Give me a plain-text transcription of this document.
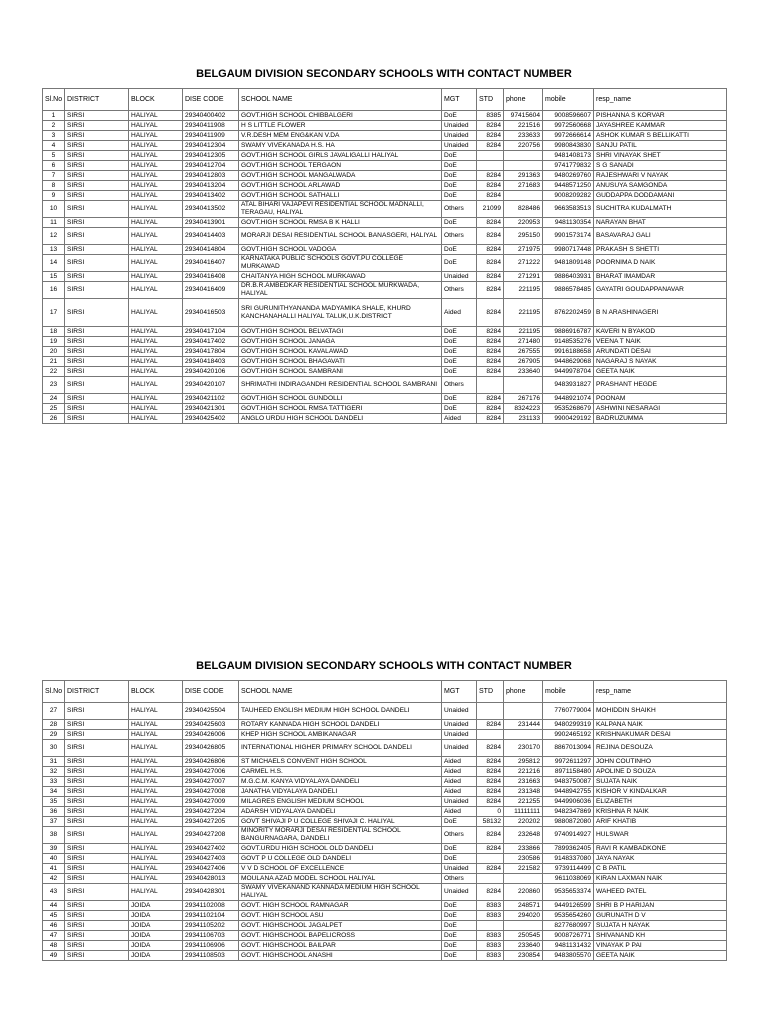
BELGAUM DIVISION SECONDARY SCHOOLS WITH CONTACT NUMBER
Sl.No	DISTRICT	BLOCK	DISE CODE	SCHOOL NAME	MGT	STD	phone	mobile	resp_name
1	SIRSI	HALIYAL	29340400402	GOVT.HIGH SCHOOL CHIBBALGERI	DoE	8385	97415604	9008596607	PISHANNA S KORVAR
2	SIRSI	HALIYAL	29340411908	H S LITTLE FLOWER	Unaided	8284	221516	9972560668	JAYASHREE KAMMAR
3	SIRSI	HALIYAL	29340411909	V.R.DESH MEM ENG&KAN V.DA	Unaided	8284	233633	9972666614	ASHOK KUMAR S BELLIKATTI
4	SIRSI	HALIYAL	29340412304	SWAMY VIVEKANADA H.S. HA	Unaided	8284	220756	9980843830	SANJU PATIL
5	SIRSI	HALIYAL	29340412305	GOVT.HIGH SCHOOL GIRLS JAVALIGALLI HALIYAL	DoE			9481408173	SHRI VINAYAK SHET
6	SIRSI	HALIYAL	29340412704	GOVT.HIGH SCHOOL TERGAON	DoE			9741779832	S G SANADI
7	SIRSI	HALIYAL	29340412803	GOVT.HIGH SCHOOL MANGALWADA	DoE	8284	291363	9480269760	RAJESHWARI V NAYAK
8	SIRSI	HALIYAL	29340413204	GOVT.HIGH SCHOOL ARLAWAD	DoE	8284	271683	9448571250	ANUSUYA SAMGONDA
9	SIRSI	HALIYAL	29340413402	GOVT.HIGH SCHOOL SATHALLI	DoE	8284		9008209282	GUDDAPPA DODDAMANI
10	SIRSI	HALIYAL	29340413502	ATAL BIHARI VAJAPEVI RESIDENTIAL SCHOOL MADNALLI, TERAGAU, HALIYAL	Others	21099	828486	9663583513	SUCHITRA KUDALMATH
11	SIRSI	HALIYAL	29340413901	GOVT.HIGH SCHOOL RMSA B K HALLI	DoE	8284	220953	9481130354	NARAYAN BHAT
12	SIRSI	HALIYAL	29340414403	MORARJI DESAI RESIDENTIAL SCHOOL BANASGERI, HALIYAL	Others	8284	295150	9901573174	BASAVARAJ GALI
13	SIRSI	HALIYAL	29340414804	GOVT.HIGH SCHOOL VADOGA	DoE	8284	271975	9980717448	PRAKASH S SHETTI
14	SIRSI	HALIYAL	29340416407	KARNATAKA PUBLIC SCHOOLS GOVT.PU COLLEGE MURKAWAD	DoE	8284	271222	9481809148	POORNIMA D NAIK
15	SIRSI	HALIYAL	29340416408	CHAITANYA HIGH SCHOOL MURKAWAD	Unaided	8284	271291	9886403931	BHARAT IMAMDAR
16	SIRSI	HALIYAL	29340416409	DR.B.R.AMBEDKAR RESIDENTIAL SCHOOL MURKWADA, HALIYAL	Others	8284	221195	9886578485	GAYATRI GOUDAPPANAVAR
17	SIRSI	HALIYAL	29340416503	SRI GURUNITHYANANDA MADYAMIKA SHALE, KHURD KANCHANAHALLI HALIYAL TALUK,U.K.DISTRICT	Aided	8284	221195	8762202459	B N ARASHINAGERI
18	SIRSI	HALIYAL	29340417104	GOVT.HIGH SCHOOL BELVATAGI	DoE	8284	221195	9886916787	KAVERI N BYAKOD
19	SIRSI	HALIYAL	29340417402	GOVT.HIGH SCHOOL JANAGA	DoE	8284	271480	9148535276	VEENA T NAIK
20	SIRSI	HALIYAL	29340417804	GOVT.HIGH SCHOOL KAVALAWAD	DoE	8284	267555	9916188658	ARUNDATI DESAI
21	SIRSI	HALIYAL	29340418403	GOVT.HIGH SCHOOL BHAGAVATI	DoE	8284	267905	9448629068	NAGARAJ S NAYAK
22	SIRSI	HALIYAL	29340420106	GOVT.HIGH SCHOOL SAMBRANI	DoE	8284	233640	9449978704	GEETA NAIK
23	SIRSI	HALIYAL	29340420107	SHRIMATHI INDIRAGANDHI RESIDENTIAL SCHOOL SAMBRANI	Others			9483931827	PRASHANT HEGDE
24	SIRSI	HALIYAL	29340421102	GOVT.HIGH SCHOOL GUNDOLLI	DoE	8284	267176	9448921074	POONAM
25	SIRSI	HALIYAL	29340421301	GOVT.HIGH SCHOOL RMSA TATTIGERI	DoE	8284	8324223	9535268679	ASHWINI NESARAGI
26	SIRSI	HALIYAL	29340425402	ANGLO URDU HIGH SCHOOL DANDELI	Aided	8284	231133	9900429192	BADRUZUMMA
BELGAUM DIVISION SECONDARY SCHOOLS WITH CONTACT NUMBER
Sl.No	DISTRICT	BLOCK	DISE CODE	SCHOOL NAME	MGT	STD	phone	mobile	resp_name
27	SIRSI	HALIYAL	29340425504	TAUHEED ENGLISH MEDIUM HIGH SCHOOL DANDELI	Unaided			7760779004	MOHIDDIN SHAIKH
28	SIRSI	HALIYAL	29340425603	ROTARY KANNADA HIGH SCHOOL DANDELI	Unaided	8284	231444	9480299319	KALPANA NAIK
29	SIRSI	HALIYAL	29340426006	KHEP HIGH SCHOOL AMBIKANAGAR	Unaided			9902465192	KRISHNAKUMAR DESAI
30	SIRSI	HALIYAL	29340426805	INTERNATIONAL HIGHER PRIMARY SCHOOL DANDELI	Unaided	8284	230170	8867013094	REJINA DESOUZA
31	SIRSI	HALIYAL	29340426806	ST MICHAELS CONVENT HIGH SCHOOL	Aided	8284	295812	9972611297	JOHN COUTINHO
32	SIRSI	HALIYAL	29340427006	CARMEL H.S.	Aided	8284	221216	8971158480	APOLINE D SOUZA
33	SIRSI	HALIYAL	29340427007	M.G.C.M. KANYA VIDYALAYA DANDELI	Aided	8284	231663	9483750087	SUJATA NAIK
34	SIRSI	HALIYAL	29340427008	JANATHA VIDYALAYA DANDELI	Aided	8284	231348	9448942755	KISHOR V KINDALKAR
35	SIRSI	HALIYAL	29340427009	MILAGRES ENGLISH MEDIUM SCHOOL	Unaided	8284	221255	9449906036	ELIZABETH
36	SIRSI	HALIYAL	29340427204	ADARSH VIDYALAYA DANDELI	Aided	0	11111111	9482347869	KRISHNA R NAIK
37	SIRSI	HALIYAL	29340427205	GOVT SHIVAJI P U COLLEGE SHIVAJI C. HALIYAL	DoE	58132	220202	9880872080	ARIF KHATIB
38	SIRSI	HALIYAL	29340427208	MINORITY MORARJI DESAI RESIDENTIAL SCHOOL BANGURNAGARA, DANDELI	Others	8284	232648	9740914927	HULSWAR
39	SIRSI	HALIYAL	29340427402	GOVT.URDU HIGH SCHOOL OLD DANDELI	DoE	8284	233866	7899362405	RAVI R KAMBADKONE
40	SIRSI	HALIYAL	29340427403	GOVT P U COLLEGE OLD DANDELI	DoE		230586	9148337080	JAYA NAYAK
41	SIRSI	HALIYAL	29340427406	V V D SCHOOL OF EXCELLENCE	Unaided	8284	221582	9739114499	C B PATIL
42	SIRSI	HALIYAL	29340428013	MOULANA AZAD MODEL SCHOOL HALIYAL	Others			9611038069	KIRAN LAXMAN NAIK
43	SIRSI	HALIYAL	29340428301	SWAMY VIVEKANAND KANNADA MEDIUM HIGH SCHOOL HALIYAL	Unaided	8284	220860	9535653374	WAHEED PATEL
44	SIRSI	JOIDA	29341102008	GOVT. HIGH SCHOOL RAMNAGAR	DoE	8383	248571	9449126599	SHRI B P HARIJAN
45	SIRSI	JOIDA	29341102104	GOVT. HIGH SCHOOL ASU	DoE	8383	294020	9535654260	GURUNATH D V
46	SIRSI	JOIDA	29341105202	GOVT. HIGHSCHOOL JAGALPET	DoE			8277680997	SUJATA H NAYAK
47	SIRSI	JOIDA	29341106703	GOVT. HIGHSCHOOL BAPELICROSS	DoE	8383	250545	9008726771	SHIVANAND KH
48	SIRSI	JOIDA	29341106906	GOVT. HIGHSCHOOL BAILPAR	DoE	8383	233640	9481131432	VINAYAK P PAI
49	SIRSI	JOIDA	29341108503	GOVT. HIGHSCHOOL ANASHI	DoE	8383	230854	9483805570	GEETA NAIK
